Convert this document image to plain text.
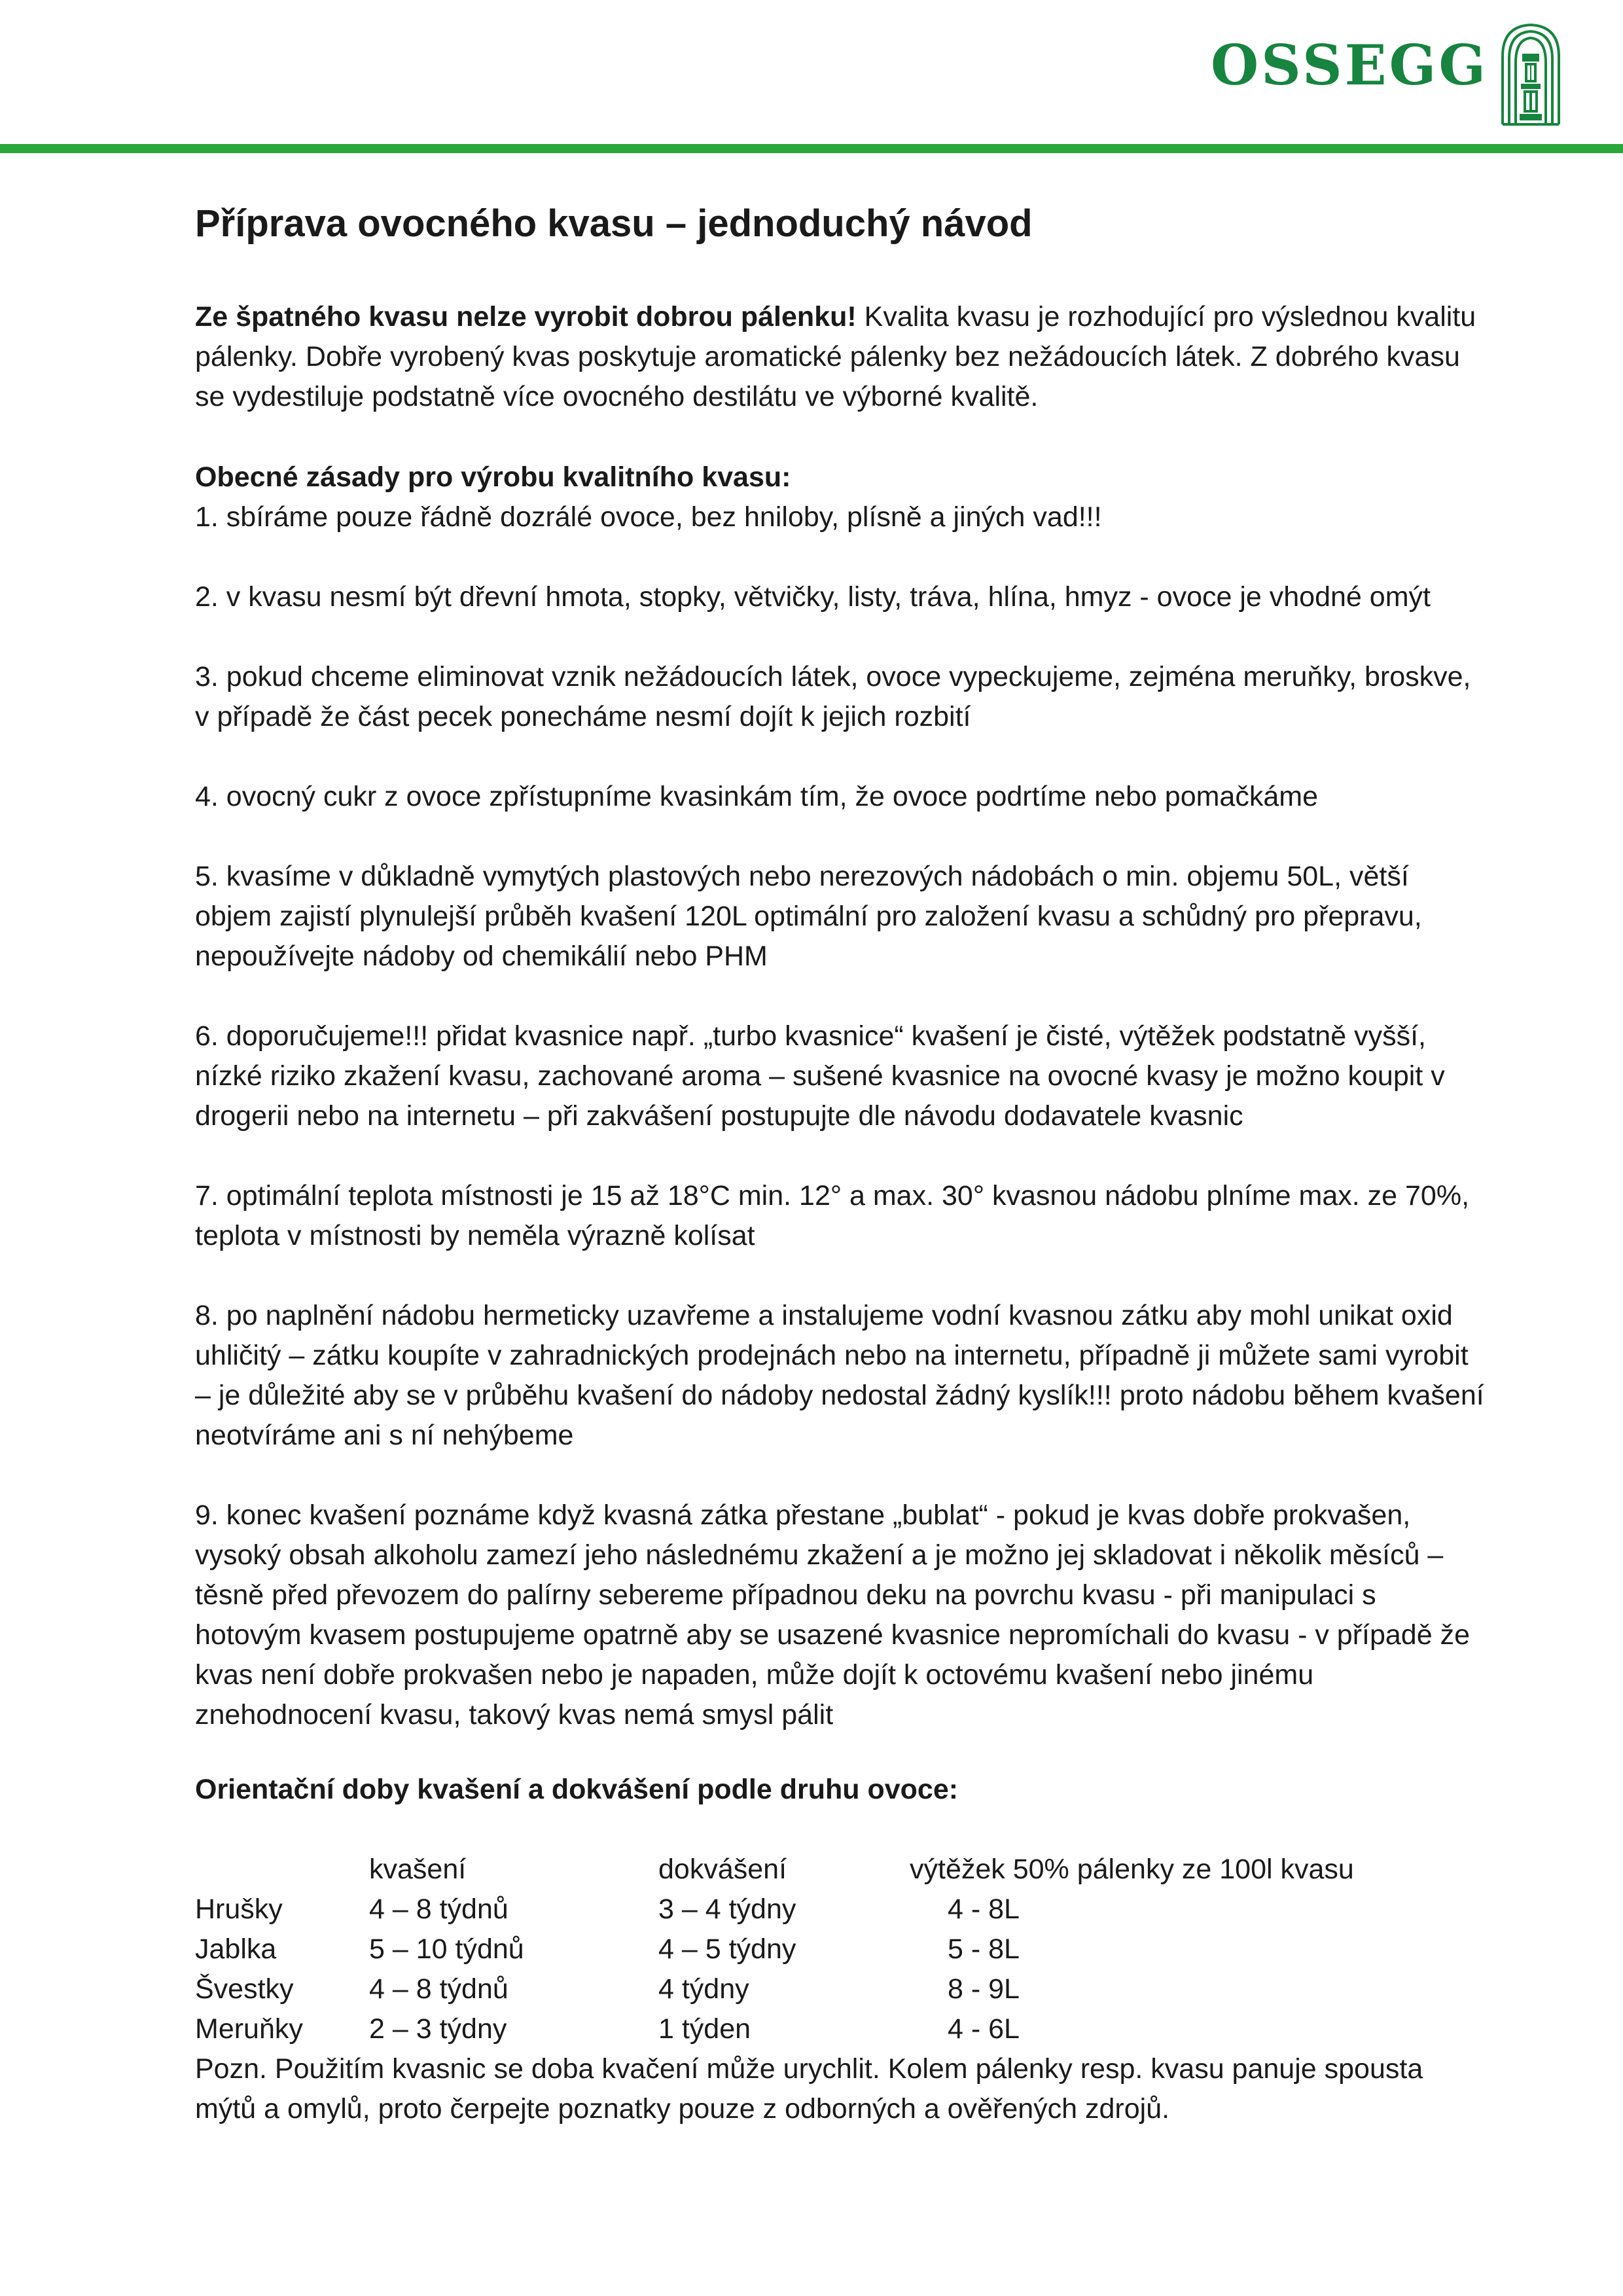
OSSEGG
Příprava ovocného kvasu – jednoduchý návod

Ze špatného kvasu nelze vyrobit dobrou pálenku! Kvalita kvasu je rozhodující pro výslednou kvalitu pálenky. Dobře vyrobený kvas poskytuje aromatické pálenky bez nežádoucích látek. Z dobrého kvasu se vydestiluje podstatně více ovocného destilátu ve výborné kvalitě.

Obecné zásady pro výrobu kvalitního kvasu:

1. sbíráme pouze řádně dozrálé ovoce, bez hniloby, plísně a jiných vad!!!

2. v kvasu nesmí být dřevní hmota, stopky, větvičky, listy, tráva, hlína, hmyz - ovoce je vhodné omýt

3. pokud chceme eliminovat vznik nežádoucích látek, ovoce vypeckujeme, zejména meruňky, broskve, v případě že část pecek ponecháme nesmí dojít k jejich rozbití

4. ovocný cukr z ovoce zpřístupníme kvasinkám tím, že ovoce podrtíme nebo pomačkáme

5. kvasíme v důkladně vymytých plastových nebo nerezových nádobách o min. objemu 50L, větší objem zajistí plynulejší průběh kvašení 120L optimální pro založení kvasu a schůdný pro přepravu, nepoužívejte nádoby od chemikálií nebo PHM

6. doporučujeme!!! přidat kvasnice např. „turbo kvasnice“ kvašení je čisté, výtěžek podstatně vyšší, nízké riziko zkažení kvasu, zachované aroma – sušené kvasnice na ovocné kvasy je možno koupit v drogerii nebo na internetu – při zakvášení postupujte dle návodu dodavatele kvasnic

7. optimální teplota místnosti je 15 až 18°C min. 12° a max. 30° kvasnou nádobu plníme max. ze 70%, teplota v místnosti by neměla výrazně kolísat

8. po naplnění nádobu hermeticky uzavřeme a instalujeme vodní kvasnou zátku aby mohl unikat oxid uhličitý – zátku koupíte v zahradnických prodejnách nebo na internetu, případně ji můžete sami vyrobit – je důležité aby se v průběhu kvašení do nádoby nedostal žádný kyslík!!! proto nádobu během kvašení neotvíráme ani s ní nehýbeme

9. konec kvašení poznáme když kvasná zátka přestane „bublat“ - pokud je kvas dobře prokvašen, vysoký obsah alkoholu zamezí jeho následnému zkažení a je možno jej skladovat i několik měsíců – těsně před převozem do palírny sebereme případnou deku na povrchu kvasu - při manipulaci s hotovým kvasem postupujeme opatrně aby se usazené kvasnice nepromíchali do kvasu - v případě že kvas není dobře prokvašen nebo je napaden, může dojít k octovému kvašení nebo jinému znehodnocení kvasu, takový kvas nemá smysl pálit

Orientační doby kvašení a dokvášení podle druhu ovoce:

	kvašení	dokvášení	výtěžek 50% pálenky ze 100l kvasu
Hrušky	4 – 8 týdnů	3 – 4 týdny	4 - 8L
Jablka	5 – 10 týdnů	4 – 5 týdny	5 - 8L
Švestky	4 – 8 týdnů	4 týdny	8 - 9L
Meruňky	2 – 3 týdny	1 týden	4 - 6L

Pozn. Použitím kvasnic se doba kvačení může urychlit. Kolem pálenky resp. kvasu panuje spousta mýtů a omylů, proto čerpejte poznatky pouze z odborných a ověřených zdrojů.
